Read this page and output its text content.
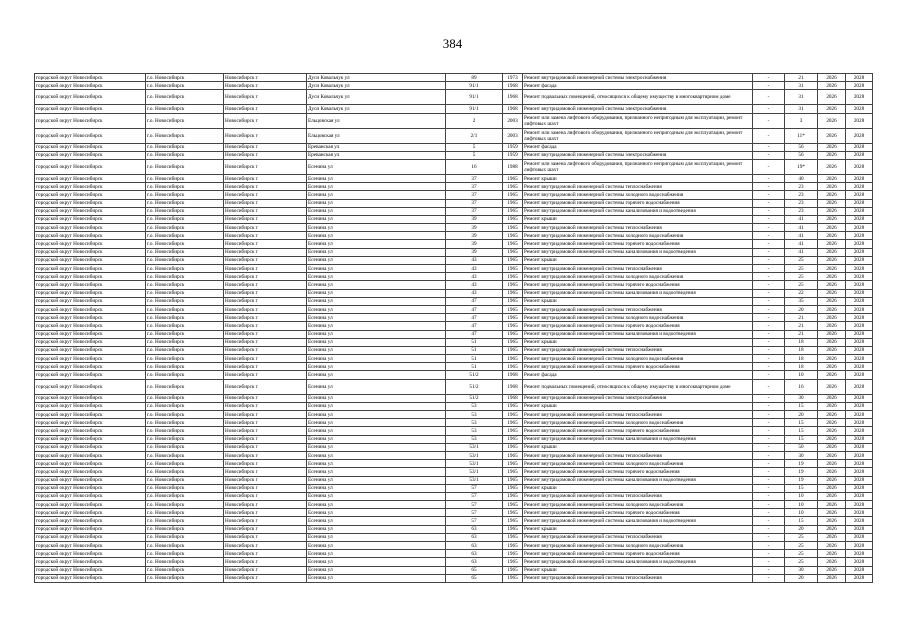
384
городской округ Новосибирск	г.о. Новосибирск	Новосибирск г	Дуси Ковальчук ул	89	1973	Ремонт внутридомовой инженерной системы электроснабжения	-	21	2026	2028
городской округ Новосибирск	г.о. Новосибирск	Новосибирск г	Дуси Ковальчук ул	91/1	1968	Ремонт фасада	-	31	2026	2028
городской округ Новосибирск	г.о. Новосибирск	Новосибирск г	Дуси Ковальчук ул	91/1	1968	Ремонт подвальных помещений, относящихся к общему имуществу в многоквартирном доме	-	31	2026	2028
городской округ Новосибирск	г.о. Новосибирск	Новосибирск г	Дуси Ковальчук ул	91/1	1968	Ремонт внутридомовой инженерной системы электроснабжения	-	31	2026	2028
городской округ Новосибирск	г.о. Новосибирск	Новосибирск г	Ельцовская ул	2	2003	Ремонт или замена лифтового оборудования, признанного непригодным для эксплуатации, ремонт лифтовых шахт	-	3	2026	2028
городской округ Новосибирск	г.о. Новосибирск	Новосибирск г	Ельцовская ул	2/1	2003	Ремонт или замена лифтового оборудования, признанного непригодным для эксплуатации, ремонт лифтовых шахт	-	11*	2026	2028
городской округ Новосибирск	г.о. Новосибирск	Новосибирск г	Ереванская ул	5	1959	Ремонт фасада	-	56	2026	2028
городской округ Новосибирск	г.о. Новосибирск	Новосибирск г	Ереванская ул	5	1959	Ремонт внутридомовой инженерной системы электроснабжения	-	56	2026	2028
городской округ Новосибирск	г.о. Новосибирск	Новосибирск г	Есенина ул	16	1988	Ремонт или замена лифтового оборудования, признанного непригодным для эксплуатации, ремонт лифтовых шахт	-	19*	2026	2028
городской округ Новосибирск	г.о. Новосибирск	Новосибирск г	Есенина ул	37	1965	Ремонт крыши	-	40	2026	2028
городской округ Новосибирск	г.о. Новосибирск	Новосибирск г	Есенина ул	37	1965	Ремонт внутридомовой инженерной системы теплоснабжения	-	23	2026	2028
городской округ Новосибирск	г.о. Новосибирск	Новосибирск г	Есенина ул	37	1965	Ремонт внутридомовой инженерной системы холодного водоснабжения	-	23	2026	2028
городской округ Новосибирск	г.о. Новосибирск	Новосибирск г	Есенина ул	37	1965	Ремонт внутридомовой инженерной системы горячего водоснабжения	-	23	2026	2028
городской округ Новосибирск	г.о. Новосибирск	Новосибирск г	Есенина ул	37	1965	Ремонт внутридомовой инженерной системы канализования и водоотведения	-	23	2026	2028
городской округ Новосибирск	г.о. Новосибирск	Новосибирск г	Есенина ул	39	1965	Ремонт крыши	-	41	2026	2028
городской округ Новосибирск	г.о. Новосибирск	Новосибирск г	Есенина ул	39	1965	Ремонт внутридомовой инженерной системы теплоснабжения	-	41	2026	2028
городской округ Новосибирск	г.о. Новосибирск	Новосибирск г	Есенина ул	39	1965	Ремонт внутридомовой инженерной системы холодного водоснабжения	-	41	2026	2028
городской округ Новосибирск	г.о. Новосибирск	Новосибирск г	Есенина ул	39	1965	Ремонт внутридомовой инженерной системы горячего водоснабжения	-	41	2026	2028
городской округ Новосибирск	г.о. Новосибирск	Новосибирск г	Есенина ул	39	1965	Ремонт внутридомовой инженерной системы канализования и водоотведения	-	41	2026	2028
городской округ Новосибирск	г.о. Новосибирск	Новосибирск г	Есенина ул	43	1965	Ремонт крыши	-	25	2026	2028
городской округ Новосибирск	г.о. Новосибирск	Новосибирск г	Есенина ул	43	1965	Ремонт внутридомовой инженерной системы теплоснабжения	-	25	2026	2028
городской округ Новосибирск	г.о. Новосибирск	Новосибирск г	Есенина ул	43	1965	Ремонт внутридомовой инженерной системы холодного водоснабжения	-	25	2026	2028
городской округ Новосибирск	г.о. Новосибирск	Новосибирск г	Есенина ул	43	1965	Ремонт внутридомовой инженерной системы горячего водоснабжения	-	25	2026	2028
городской округ Новосибирск	г.о. Новосибирск	Новосибирск г	Есенина ул	43	1965	Ремонт внутридомовой инженерной системы канализования и водоотведения	-	22	2026	2028
городской округ Новосибирск	г.о. Новосибирск	Новосибирск г	Есенина ул	47	1965	Ремонт крыши	-	35	2026	2028
городской округ Новосибирск	г.о. Новосибирск	Новосибирск г	Есенина ул	47	1965	Ремонт внутридомовой инженерной системы теплоснабжения	-	20	2026	2028
городской округ Новосибирск	г.о. Новосибирск	Новосибирск г	Есенина ул	47	1965	Ремонт внутридомовой инженерной системы холодного водоснабжения	-	21	2026	2028
городской округ Новосибирск	г.о. Новосибирск	Новосибирск г	Есенина ул	47	1965	Ремонт внутридомовой инженерной системы горячего водоснабжения	-	21	2026	2028
городской округ Новосибирск	г.о. Новосибирск	Новосибирск г	Есенина ул	47	1965	Ремонт внутридомовой инженерной системы канализования и водоотведения	-	21	2026	2028
городской округ Новосибирск	г.о. Новосибирск	Новосибирск г	Есенина ул	51	1965	Ремонт крыши	-	18	2026	2028
городской округ Новосибирск	г.о. Новосибирск	Новосибирск г	Есенина ул	51	1965	Ремонт внутридомовой инженерной системы теплоснабжения	-	18	2026	2028
городской округ Новосибирск	г.о. Новосибирск	Новосибирск г	Есенина ул	51	1965	Ремонт внутридомовой инженерной системы холодного водоснабжения	-	18	2026	2028
городской округ Новосибирск	г.о. Новосибирск	Новосибирск г	Есенина ул	51	1965	Ремонт внутридомовой инженерной системы горячего водоснабжения	-	18	2026	2028
городской округ Новосибирск	г.о. Новосибирск	Новосибирск г	Есенина ул	51/2	1968	Ремонт фасада	-	10	2026	2028
городской округ Новосибирск	г.о. Новосибирск	Новосибирск г	Есенина ул	51/2	1968	Ремонт подвальных помещений, относящихся к общему имуществу в многоквартирном доме	-	16	2026	2028
городской округ Новосибирск	г.о. Новосибирск	Новосибирск г	Есенина ул	51/2	1968	Ремонт внутридомовой инженерной системы электроснабжения	-	30	2026	2028
городской округ Новосибирск	г.о. Новосибирск	Новосибирск г	Есенина ул	53	1965	Ремонт крыши	-	15	2026	2028
городской округ Новосибирск	г.о. Новосибирск	Новосибирск г	Есенина ул	53	1965	Ремонт внутридомовой инженерной системы теплоснабжения	-	20	2026	2028
городской округ Новосибирск	г.о. Новосибирск	Новосибирск г	Есенина ул	53	1965	Ремонт внутридомовой инженерной системы холодного водоснабжения	-	15	2026	2028
городской округ Новосибирск	г.о. Новосибирск	Новосибирск г	Есенина ул	53	1965	Ремонт внутридомовой инженерной системы горячего водоснабжения	-	15	2026	2028
городской округ Новосибирск	г.о. Новосибирск	Новосибирск г	Есенина ул	53	1965	Ремонт внутридомовой инженерной системы канализования и водоотведения	-	15	2026	2028
городской округ Новосибирск	г.о. Новосибирск	Новосибирск г	Есенина ул	53/1	1965	Ремонт крыши	-	50	2026	2028
городской округ Новосибирск	г.о. Новосибирск	Новосибирск г	Есенина ул	53/1	1965	Ремонт внутридомовой инженерной системы теплоснабжения	-	30	2026	2028
городской округ Новосибирск	г.о. Новосибирск	Новосибирск г	Есенина ул	53/1	1965	Ремонт внутридомовой инженерной системы холодного водоснабжения	-	19	2026	2028
городской округ Новосибирск	г.о. Новосибирск	Новосибирск г	Есенина ул	53/1	1965	Ремонт внутридомовой инженерной системы горячего водоснабжения	-	19	2026	2028
городской округ Новосибирск	г.о. Новосибирск	Новосибирск г	Есенина ул	53/1	1965	Ремонт внутридомовой инженерной системы канализования и водоотведения	-	19	2026	2028
городской округ Новосибирск	г.о. Новосибирск	Новосибирск г	Есенина ул	57	1965	Ремонт крыши	-	15	2026	2028
городской округ Новосибирск	г.о. Новосибирск	Новосибирск г	Есенина ул	57	1965	Ремонт внутридомовой инженерной системы теплоснабжения	-	10	2026	2028
городской округ Новосибирск	г.о. Новосибирск	Новосибирск г	Есенина ул	57	1965	Ремонт внутридомовой инженерной системы холодного водоснабжения	-	10	2026	2028
городской округ Новосибирск	г.о. Новосибирск	Новосибирск г	Есенина ул	57	1965	Ремонт внутридомовой инженерной системы горячего водоснабжения	-	10	2026	2028
городской округ Новосибирск	г.о. Новосибирск	Новосибирск г	Есенина ул	57	1965	Ремонт внутридомовой инженерной системы канализования и водоотведения	-	15	2026	2028
городской округ Новосибирск	г.о. Новосибирск	Новосибирск г	Есенина ул	63	1965	Ремонт крыши	-	20	2026	2028
городской округ Новосибирск	г.о. Новосибирск	Новосибирск г	Есенина ул	63	1965	Ремонт внутридомовой инженерной системы теплоснабжения	-	25	2026	2028
городской округ Новосибирск	г.о. Новосибирск	Новосибирск г	Есенина ул	63	1965	Ремонт внутридомовой инженерной системы холодного водоснабжения	-	25	2026	2028
городской округ Новосибирск	г.о. Новосибирск	Новосибирск г	Есенина ул	63	1965	Ремонт внутридомовой инженерной системы горячего водоснабжения	-	25	2026	2028
городской округ Новосибирск	г.о. Новосибирск	Новосибирск г	Есенина ул	63	1965	Ремонт внутридомовой инженерной системы канализования и водоотведения	-	25	2026	2028
городской округ Новосибирск	г.о. Новосибирск	Новосибирск г	Есенина ул	65	1965	Ремонт крыши	-	30	2026	2028
городской округ Новосибирск	г.о. Новосибирск	Новосибирск г	Есенина ул	65	1965	Ремонт внутридомовой инженерной системы теплоснабжения	-	20	2026	2028
